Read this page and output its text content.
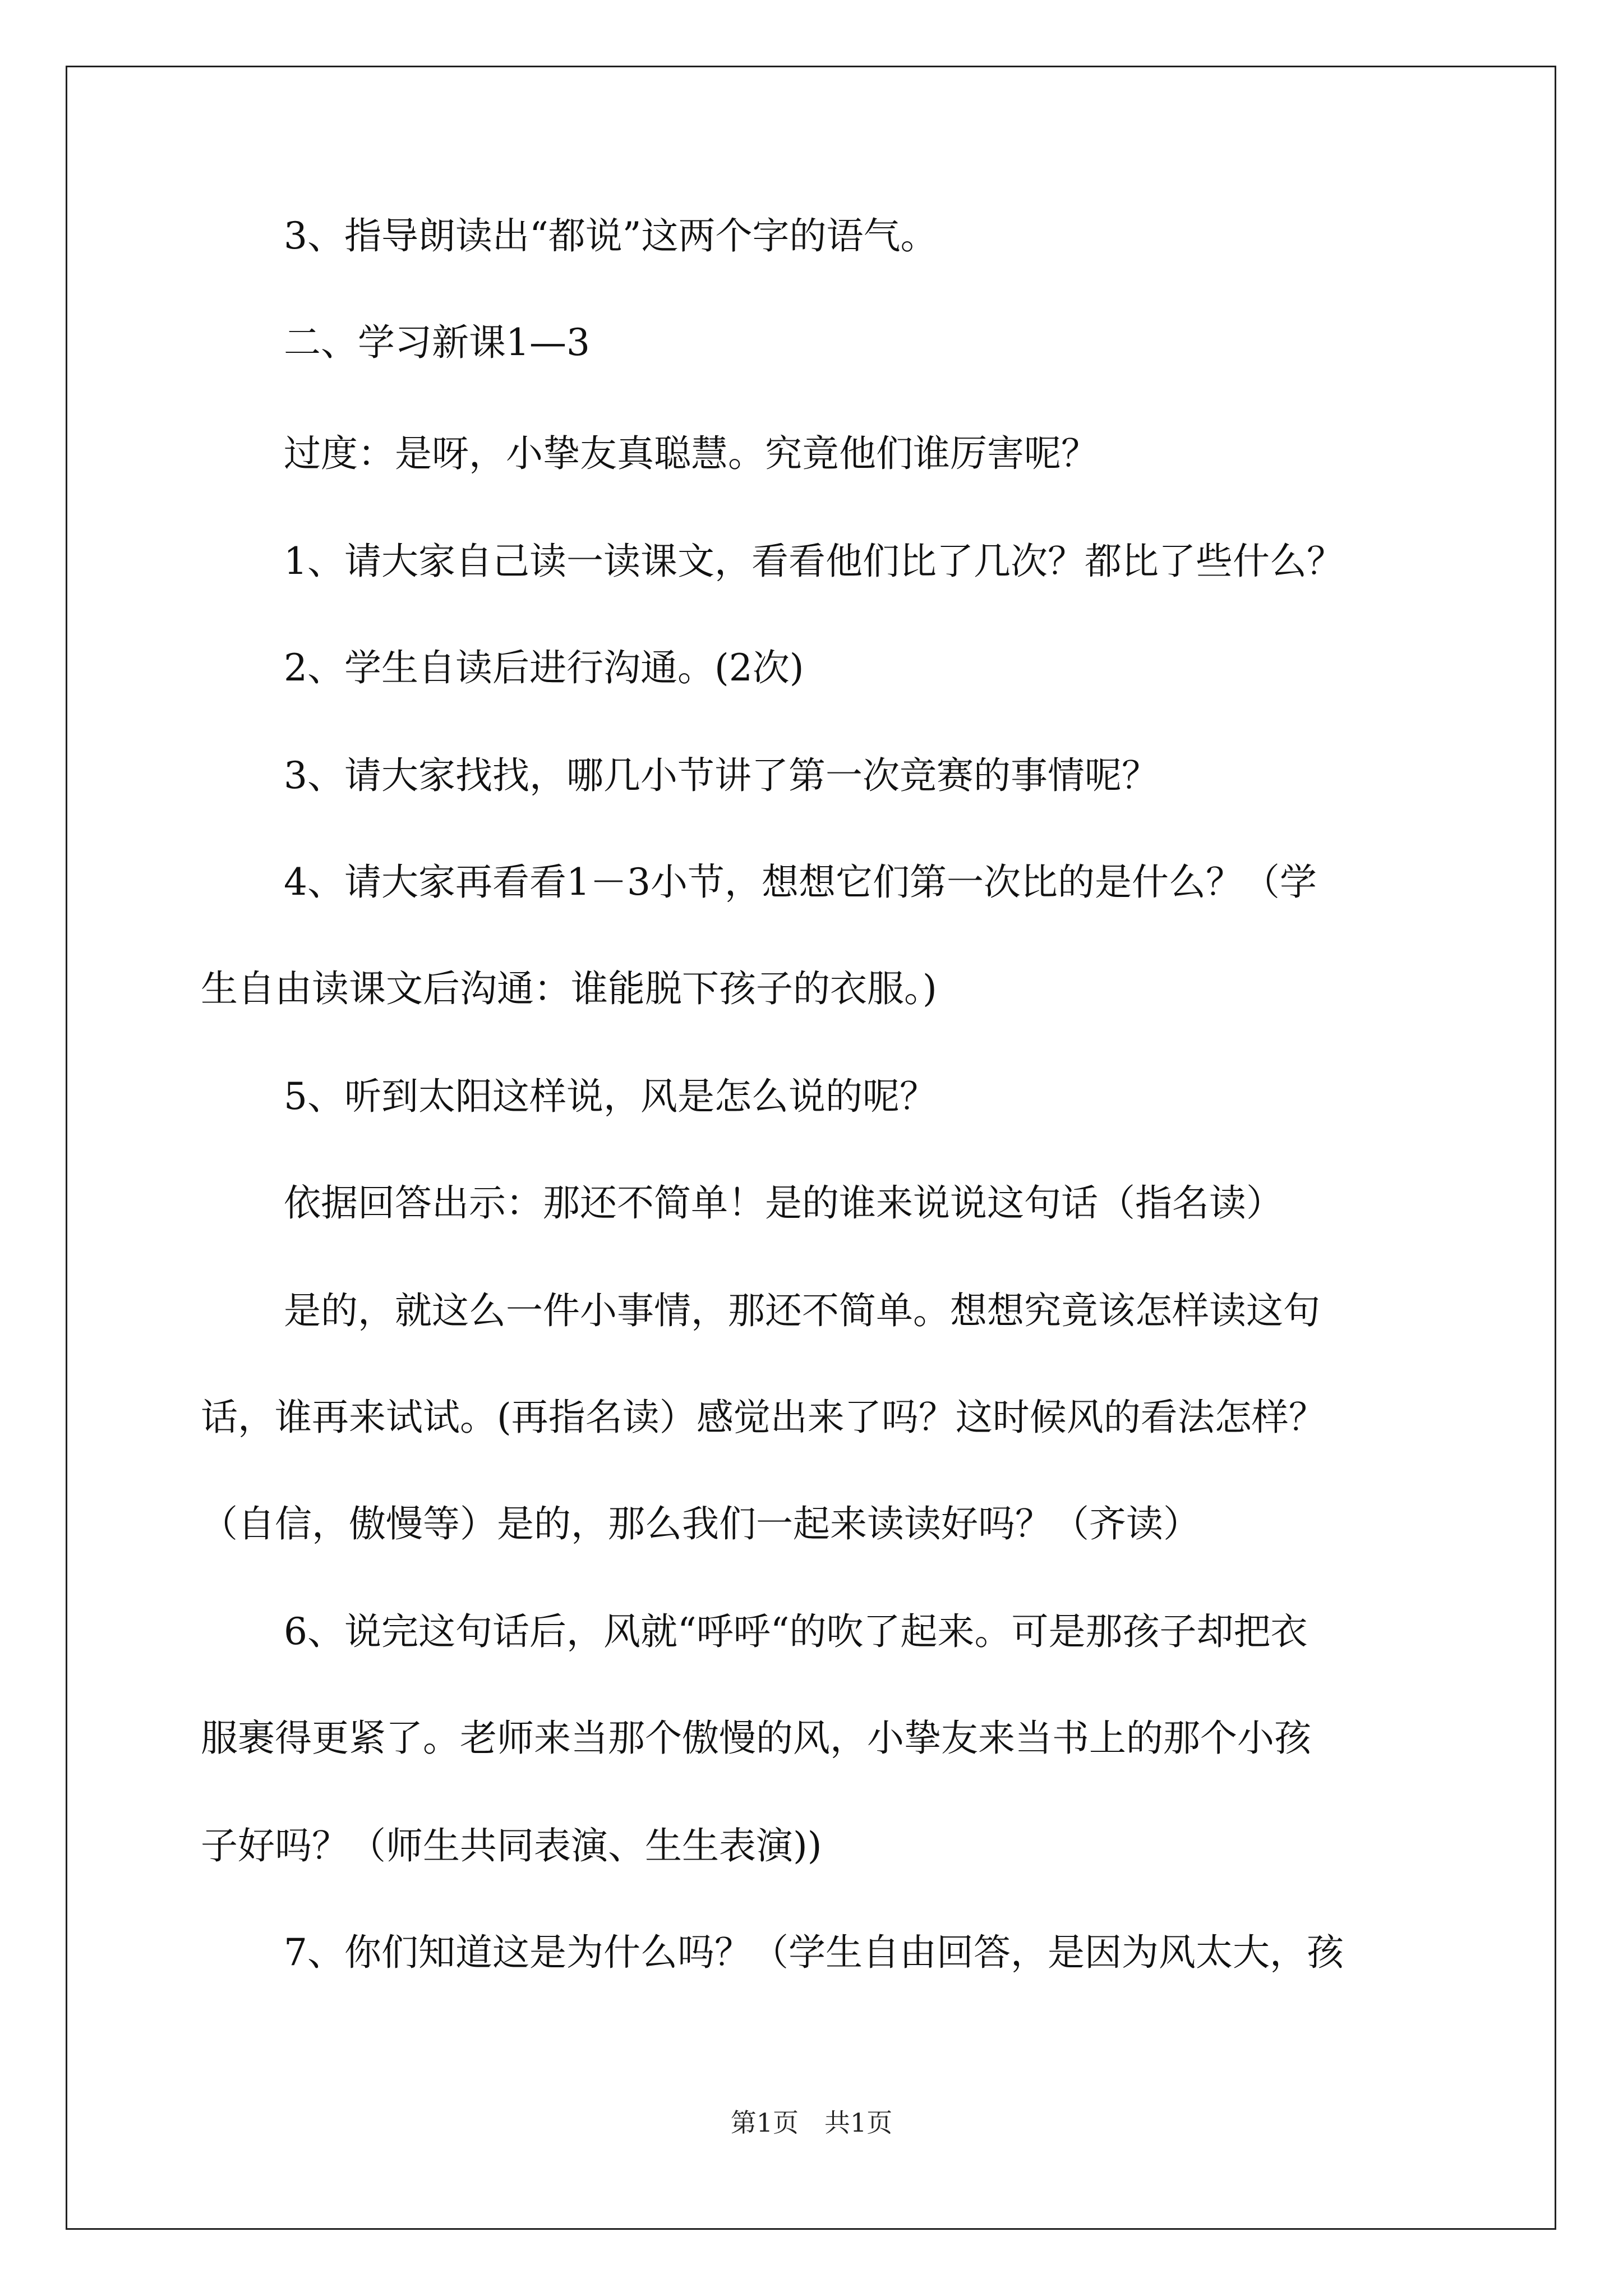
3、指导朗读出“都说”这两个字的语气。

二、学习新课1—3

过度：是呀，小挚友真聪慧。究竟他们谁厉害呢？

1、请大家自己读一读课文，看看他们比了几次？都比了些什么？

2、学生自读后进行沟通。(2次)

3、请大家找找，哪几小节讲了第一次竞赛的事情呢？

4、请大家再看看1－3小节，想想它们第一次比的是什么？（学

生自由读课文后沟通：谁能脱下孩子的衣服。)

5、听到太阳这样说，风是怎么说的呢？

依据回答出示：那还不简单！是的谁来说说这句话（指名读）

是的，就这么一件小事情，那还不简单。想想究竟该怎样读这句

话，谁再来试试。(再指名读）感觉出来了吗？这时候风的看法怎样？

（自信，傲慢等）是的，那么我们一起来读读好吗？（齐读）

6、说完这句话后，风就“呼呼“的吹了起来。可是那孩子却把衣

服裹得更紧了。老师来当那个傲慢的风，小挚友来当书上的那个小孩

子好吗？（师生共同表演、生生表演))

7、你们知道这是为什么吗？（学生自由回答，是因为风太大，孩

第1页　共1页
